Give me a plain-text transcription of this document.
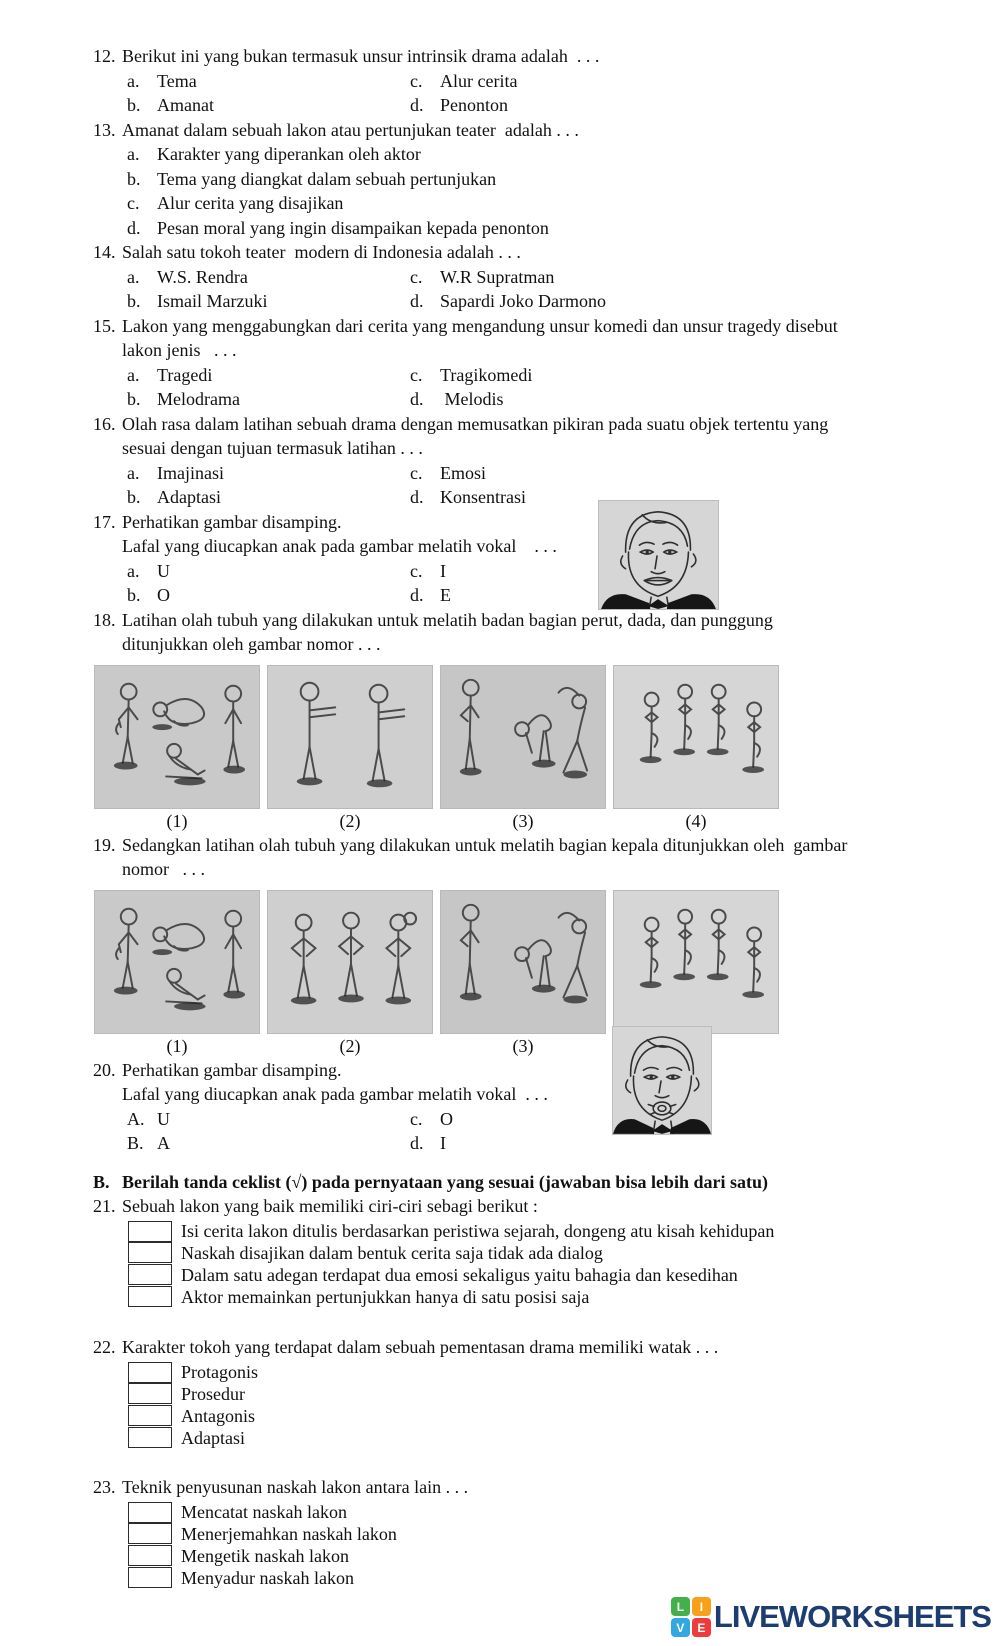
12. Berikut ini yang bukan termasuk unsur intrinsik drama adalah  . . .
a. Tema	c. Alur cerita
b. Amanat	d. Penonton
13. Amanat dalam sebuah lakon atau pertunjukan teater  adalah . . .
a. Karakter yang diperankan oleh aktor
b. Tema yang diangkat dalam sebuah pertunjukan
c. Alur cerita yang disajikan
d. Pesan moral yang ingin disampaikan kepada penonton
14. Salah satu tokoh teater  modern di Indonesia adalah . . .
a. W.S. Rendra	c. W.R Supratman
b. Ismail Marzuki	d. Sapardi Joko Darmono
15. Lakon yang menggabungkan dari cerita yang mengandung unsur komedi dan unsur tragedy disebut
lakon jenis   . . .
a. Tragedi	c. Tragikomedi
b. Melodrama	d. Melodis
16. Olah rasa dalam latihan sebuah drama dengan memusatkan pikiran pada suatu objek tertentu yang
sesuai dengan tujuan termasuk latihan . . .
a. Imajinasi	c. Emosi
b. Adaptasi	d. Konsentrasi
17. Perhatikan gambar disamping.
Lafal yang diucapkan anak pada gambar melatih vokal    . . .
a. U	c. I
b. O	d. E
18. Latihan olah tubuh yang dilakukan untuk melatih badan bagian perut, dada, dan punggung
ditunjukkan oleh gambar nomor . . .
(1)	(2)	(3)	(4)
19. Sedangkan latihan olah tubuh yang dilakukan untuk melatih bagian kepala ditunjukkan oleh  gambar
nomor   . . .
(1)	(2)	(3)
20. Perhatikan gambar disamping.
Lafal yang diucapkan anak pada gambar melatih vokal  . . .
A. U	c. O
B. A	d. I
B. Berilah tanda ceklist (√) pada pernyataan yang sesuai (jawaban bisa lebih dari satu)
21. Sebuah lakon yang baik memiliki ciri-ciri sebagi berikut :
Isi cerita lakon ditulis berdasarkan peristiwa sejarah, dongeng atu kisah kehidupan
Naskah disajikan dalam bentuk cerita saja tidak ada dialog
Dalam satu adegan terdapat dua emosi sekaligus yaitu bahagia dan kesedihan
Aktor memainkan pertunjukkan hanya di satu posisi saja
22. Karakter tokoh yang terdapat dalam sebuah pementasan drama memiliki watak . . .
Protagonis
Prosedur
Antagonis
Adaptasi
23. Teknik penyusunan naskah lakon antara lain . . .
Mencatat naskah lakon
Menerjemahkan naskah lakon
Mengetik naskah lakon
Menyadur naskah lakon
L	I
V	E LIVEWORKSHEETS
